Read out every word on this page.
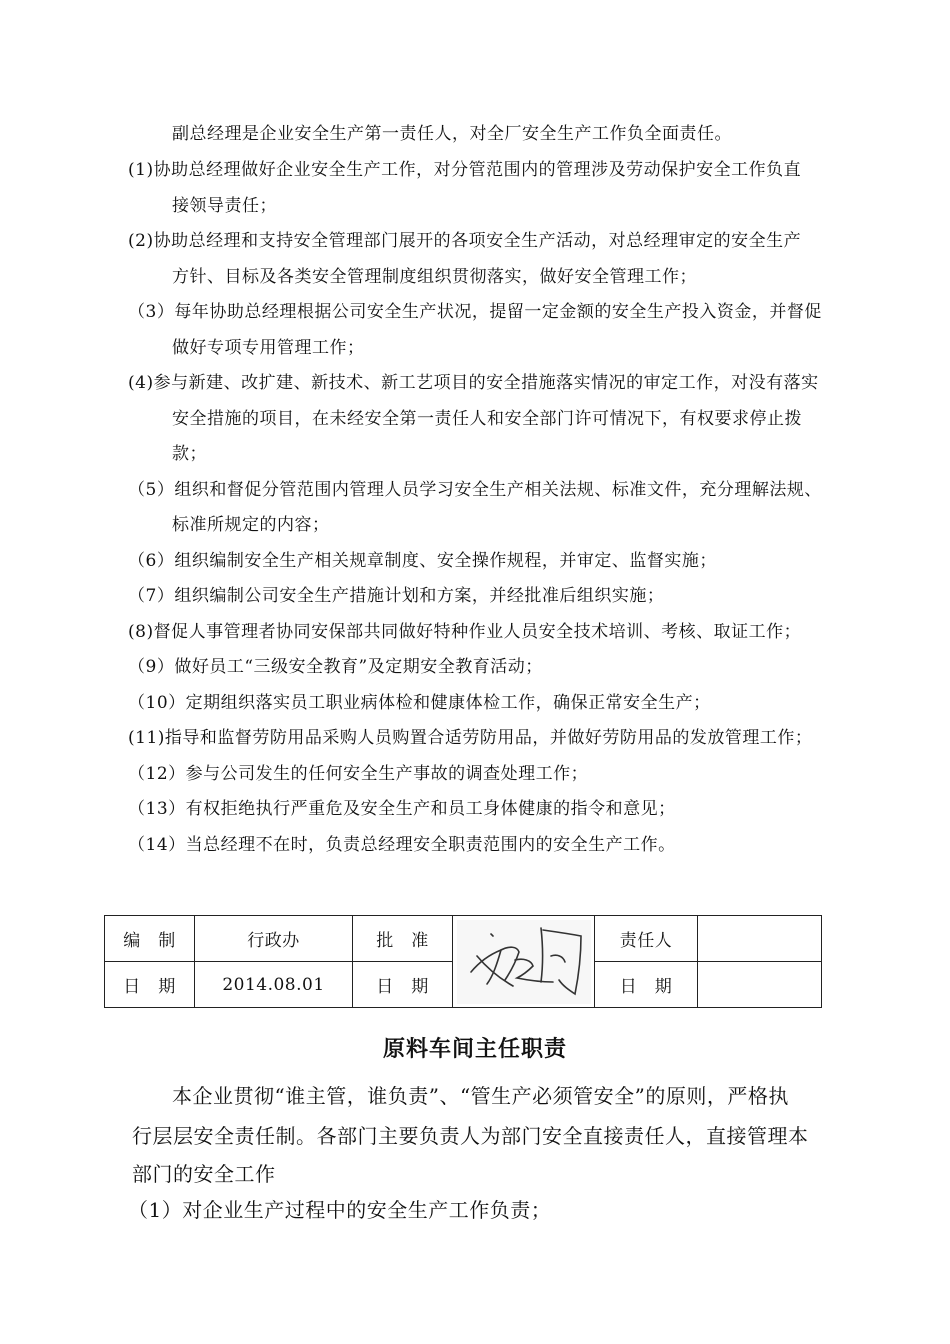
副总经理是企业安全生产第一责任人，对全厂安全生产工作负全面责任。
(1)协助总经理做好企业安全生产工作，对分管范围内的管理涉及劳动保护安全工作负直
接领导责任；
(2)协助总经理和支持安全管理部门展开的各项安全生产活动，对总经理审定的安全生产
方针、目标及各类安全管理制度组织贯彻落实，做好安全管理工作；
（3）每年协助总经理根据公司安全生产状况，提留一定金额的安全生产投入资金，并督促
做好专项专用管理工作；
(4)参与新建、改扩建、新技术、新工艺项目的安全措施落实情况的审定工作，对没有落实
安全措施的项目，在未经安全第一责任人和安全部门许可情况下，有权要求停止拨
款；
（5）组织和督促分管范围内管理人员学习安全生产相关法规、标准文件，充分理解法规、
标准所规定的内容；
（6）组织编制安全生产相关规章制度、安全操作规程，并审定、监督实施；
（7）组织编制公司安全生产措施计划和方案，并经批准后组织实施；
(8)督促人事管理者协同安保部共同做好特种作业人员安全技术培训、考核、取证工作；
（9）做好员工“三级安全教育”及定期安全教育活动；
（10）定期组织落实员工职业病体检和健康体检工作，确保正常安全生产；
(11)指导和监督劳防用品采购人员购置合适劳防用品，并做好劳防用品的发放管理工作；
（12）参与公司发生的任何安全生产事故的调查处理工作；
（13）有权拒绝执行严重危及安全生产和员工身体健康的指令和意见；
（14）当总经理不在时，负责总经理安全职责范围内的安全生产工作。
编　制	行政办	批　准		责任人	
日　期	2014.08.01	日　期		日　期	
原料车间主任职责
本企业贯彻“谁主管，谁负责”、“管生产必须管安全”的原则，严格执
行层层安全责任制。各部门主要负责人为部门安全直接责任人，直接管理本
部门的安全工作
（1）对企业生产过程中的安全生产工作负责；
